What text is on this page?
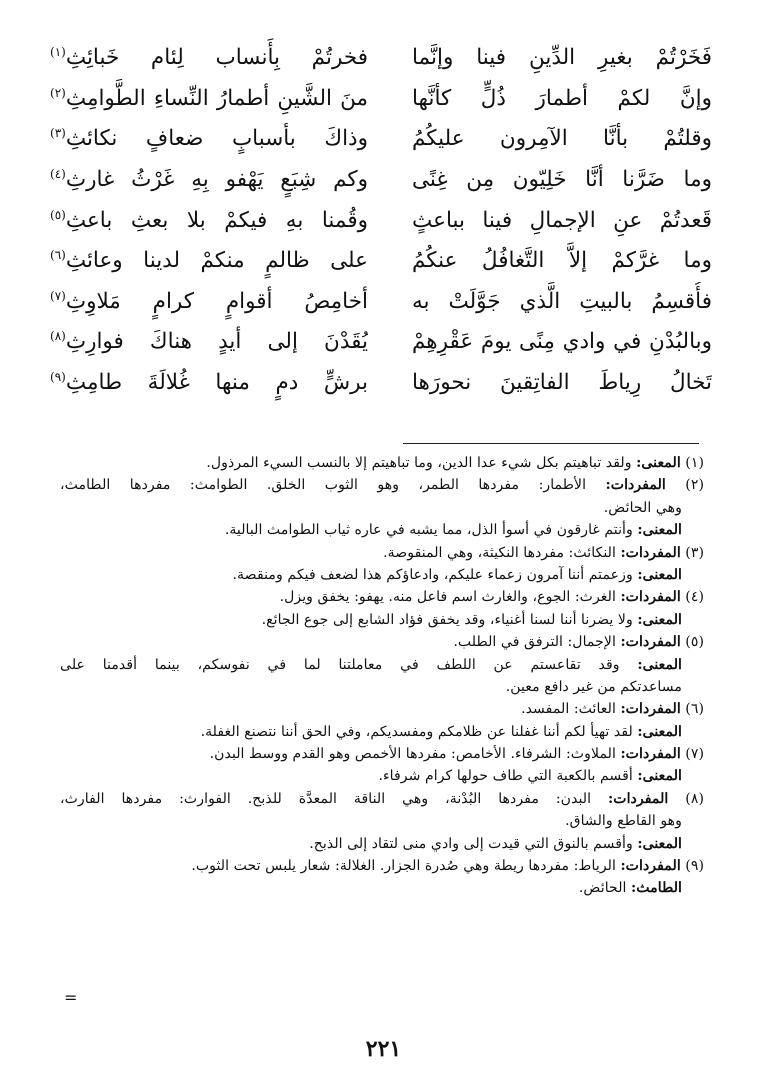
فَخَرْتُمْ بغيرِ الدِّينِ فينا وإنَّما
فخرتُمْ بِأَنساب لِئام خَبائِثِ$^{(١)}$
وإنَّ لكمْ أطمارَ ذُلٍّ كأنَّها
منَ الشَّينِ أطمارُ النِّساءِ الطَّوامِثِ$^{(٢)}$
وقلتُمْ بأنَّا الآمِرون عليكُمُ
وذاكَ بأسبابٍ ضعافٍ نكائثِ$^{(٣)}$
وما ضَرَّنا أنَّا خَلِيّون مِن غِنًى
وكم شِبَعٍ يَهْفو بِهِ غَرْثُ غارثِ$^{(٤)}$
قَعدتُمْ عنِ الإجمالِ فينا بباعثٍ
وقُمنا بهِ فيكمْ بلا بعثِ باعثِ$^{(٥)}$
وما غرَّكمْ إلاَّ التَّغافُلُ عنكُمُ
على ظالمٍ منكمْ لدينا وعائثِ$^{(٦)}$
فأُقسِمُ بالبيتِ الَّذي جَوَّلَتْ به
أخامِصُ أقوامٍ كرامٍ مَلاوِثِ$^{(٧)}$
وبالبُدْنِ في وادي مِنًى يومَ عَقْرِهِمْ
يُقَدْنَ إلى أيدٍ هناكَ فوارِثِ$^{(٨)}$
تَخالُ رِياطَ الفاتِقينَ نحورَها
برشٍّ دمٍ منها غُلالَةَ طامِثِ$^{(٩)}$
(١) المعنى: ولقد تباهيتم بكل شيء عدا الدين، وما تباهيتم إلا بالنسب السيء المرذول.
(٢) المفردات: الأطمار: مفردها الطمر، وهو الثوب الخلق. الطوامث: مفردها الطامث،
وهي الحائض.
المعنى: وأنتم غارقون في أسوأ الذل، مما يشبه في عاره ثياب الطوامث البالية.
(٣) المفردات: النكائث: مفردها النكيثة، وهي المنقوصة.
المعنى: وزعمتم أننا آمرون زعماء عليكم، وادعاؤكم هذا لضعف فيكم ومنقصة.
(٤) المفردات: الغرث: الجوع، والغارث اسم فاعل منه. يهفو: يخفق ويزل.
المعنى: ولا يضرنا أننا لسنا أغنياء، وقد يخفق فؤاد الشابع إلى جوع الجائع.
(٥) المفردات: الإجمال: الترفق في الطلب.
المعنى: وقد تقاعستم عن اللطف في معاملتنا لما في نفوسكم، بينما أقدمنا على
مساعدتكم من غير دافع معين.
(٦) المفردات: العائث: المفسد.
المعنى: لقد تهيأ لكم أننا غفلنا عن ظلامكم ومفسديكم، وفي الحق أننا نتصنع الغفلة.
(٧) المفردات: الملاوث: الشرفاء. الأخامص: مفردها الأخمص وهو القدم ووسط البدن.
المعنى: أقسم بالكعبة التي طاف حولها كرام شرفاء.
(٨) المفردات: البدن: مفردها البُدْنة، وهي الناقة المعدَّة للذبح. الفوارث: مفردها الفارث،
وهو القاطع والشاق.
المعنى: وأقسم بالنوق التي قيدت إلى وادي منى لتقاد إلى الذبح.
(٩) المفردات: الرياط: مفردها ريطة وهي صُدرة الجزار. الغلالة: شعار يلبس تحت الثوب.
الطامث: الحائض.
=
٢٢١
